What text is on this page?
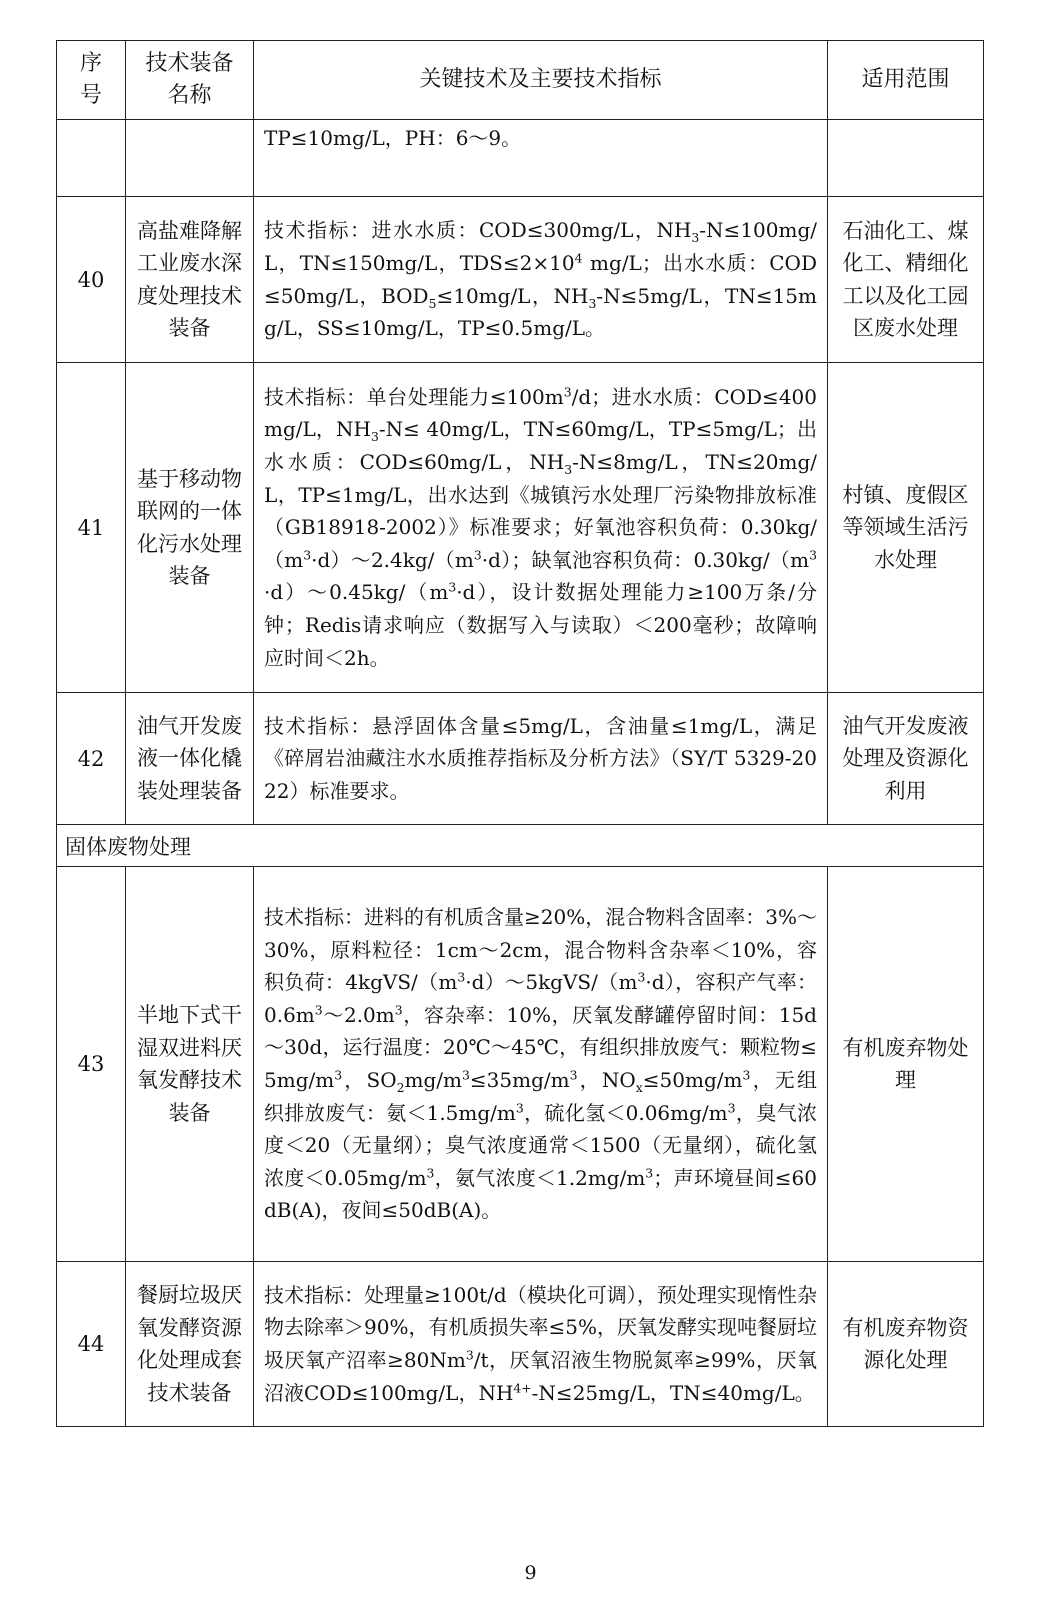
序号	技术装备名称	关键技术及主要技术指标	适用范围
		TP≤10mg/L，PH：6～9。	
40	高盐难降解工业废水深度处理技术装备	技术指标：进水水质：COD≤300mg/L，$NH_3-N\le 100mg/L$，TN≤150mg/L，$TDS\le 2\times 10^4$ mg/L；出水水质：COD≤50mg/L，$BOD_5\le 10mg/L$，$NH_3-N\le 5mg/L$，TN≤15mg/L，SS≤10mg/L，TP≤0.5mg/L。	石油化工、煤化工、精细化工以及化工园区废水处理
41	基于移动物联网的一体化污水处理装备	技术指标：单台处理能力$\le 100m^3/d$；进水水质：COD≤400mg/L，$NH_3-N\le 40mg/L$，TN≤60mg/L，TP≤5mg/L；出水水质：COD≤60mg/L，$NH_3-N\le 8mg/L$，TN≤20mg/L，TP≤1mg/L，出水达到《城镇污水处理厂污染物排放标准（GB18918-2002）》标准要求；好氧池容积负荷：$0.30kg/(m^3\cdot d)\sim 2.4kg/(m^3\cdot d)$；缺氧池容积负荷：$0.30kg/(m^3\cdot d)\sim 0.45kg/(m^3\cdot d)$，设计数据处理能力≥100万条/分钟；Redis请求响应（数据写入与读取）＜200毫秒；故障响应时间＜2h。	村镇、度假区等领域生活污水处理
42	油气开发废液一体化橇装处理装备	技术指标：悬浮固体含量≤5mg/L，含油量≤1mg/L，满足《碎屑岩油藏注水水质推荐指标及分析方法》（SY/T 5329-2022）标准要求。	油气开发废液处理及资源化利用
固体废物处理			
43	半地下式干湿双进料厌氧发酵技术装备	技术指标：进料的有机质含量≥20%，混合物料含固率：3%～30%，原料粒径：1cm～2cm，混合物料含杂率＜10%，容积负荷：$4kgVS/(m^3\cdot d)\sim 5kgVS/(m^3\cdot d)$，容积产气率：$0.6m^3\sim 2.0m^3$，容杂率：10%，厌氧发酵罐停留时间：15d～30d，运行温度：20℃～45℃，有组织排放废气：颗粒物$\le 5mg/m^3$，$SO_2mg/m^3\le 35mg/m^3$，$NO_x\le 50mg/m^3$，无组织排放废气：氨$<1.5mg/m^3$，硫化氢$<0.06mg/m^3$，臭气浓度＜20（无量纲）；臭气浓度通常＜1500（无量纲），硫化氢浓度$<0.05mg/m^3$，氨气浓度$<1.2mg/m^3$；声环境昼间≤60dB(A)，夜间≤50dB(A)。	有机废弃物处理
44	餐厨垃圾厌氧发酵资源化处理成套技术装备	技术指标：处理量≥100t/d（模块化可调），预处理实现惰性杂物去除率＞90%，有机质损失率≤5%，厌氧发酵实现吨餐厨垃圾厌氧产沼率$\ge 80Nm^3/t$，厌氧沼液生物脱氮率≥99%，厌氧沼液COD≤100mg/L，$NH^{4+}-N\le 25mg/L$，TN≤40mg/L。	有机废弃物资源化处理
9
